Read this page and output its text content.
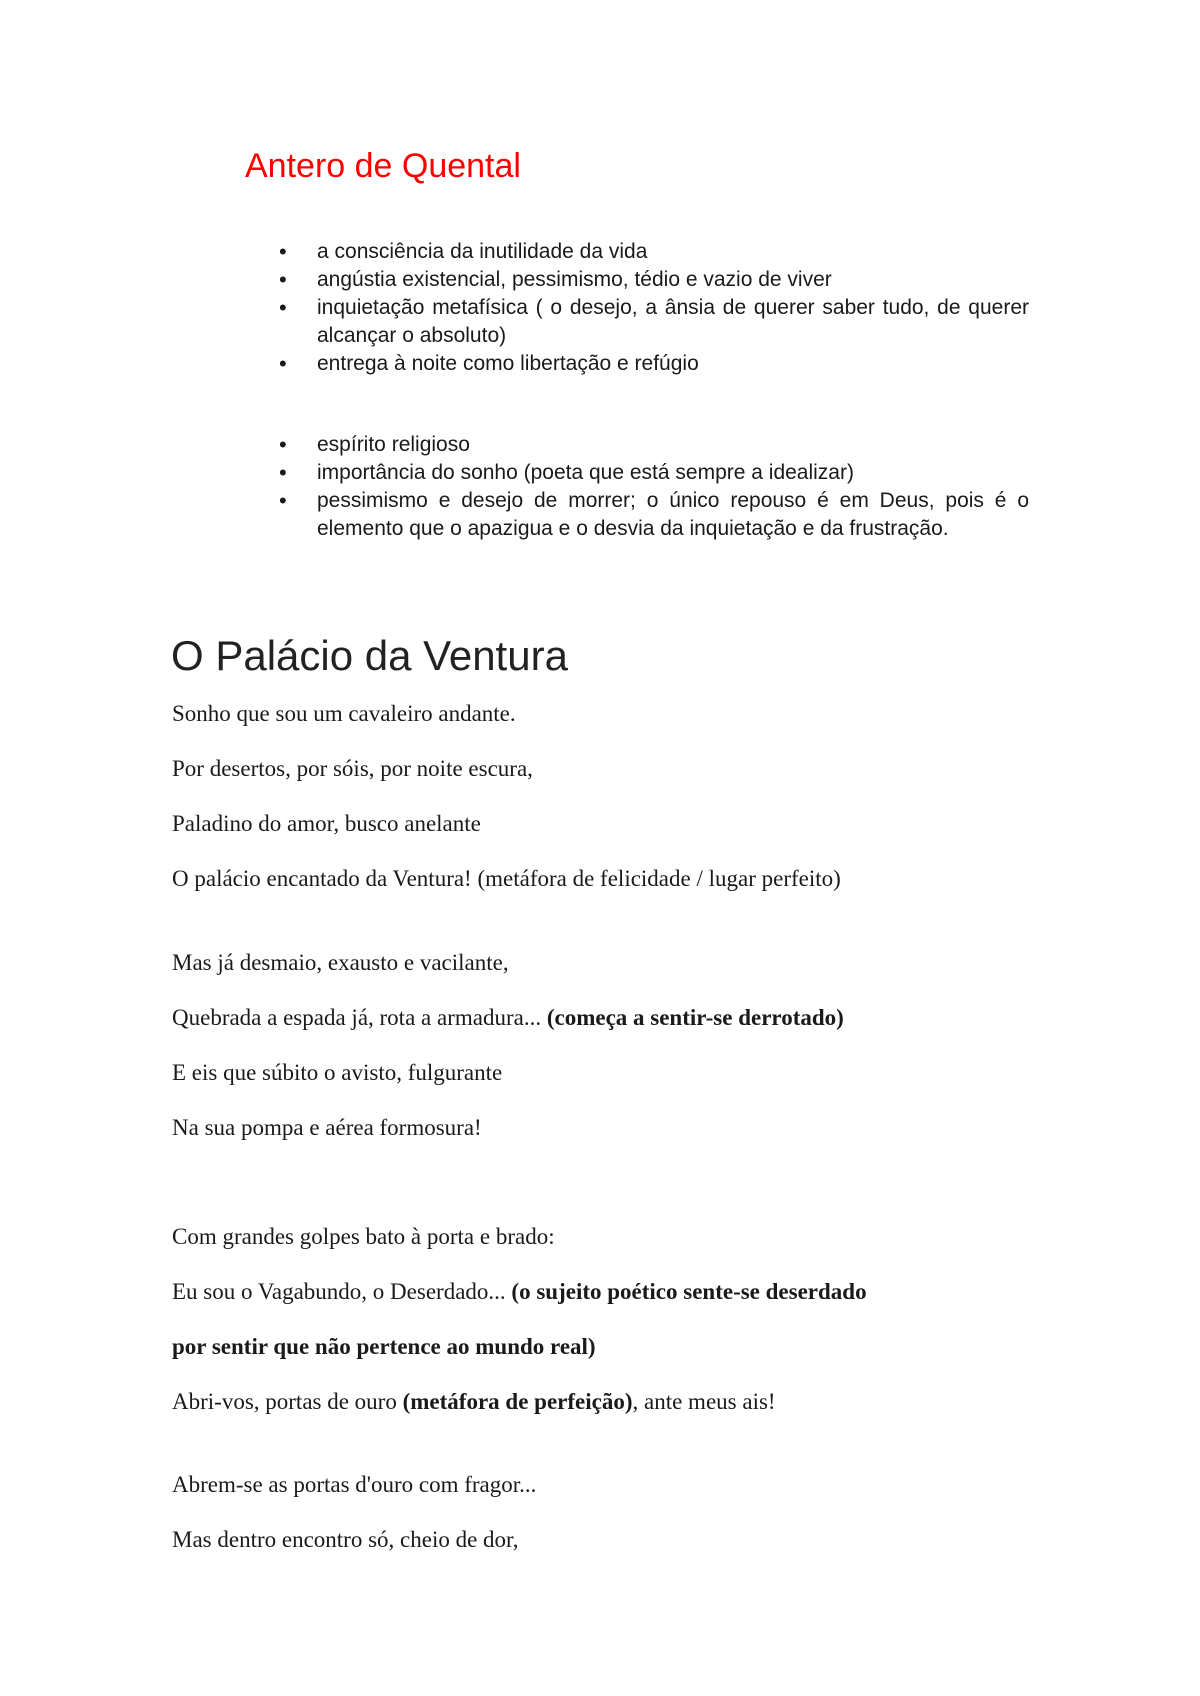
Antero de Quental
• a consciência da inutilidade da vida
• angústia existencial, pessimismo, tédio e vazio de viver
• inquietação metafísica ( o desejo, a ânsia de querer saber tudo, de querer alcançar o absoluto)
• entrega à noite como libertação e refúgio
• espírito religioso
• importância do sonho (poeta que está sempre a idealizar)
• pessimismo e desejo de morrer; o único repouso é em Deus, pois é o elemento que o apazigua e o desvia da inquietação e da frustração.
O Palácio da Ventura

Sonho que sou um cavaleiro andante.

Por desertos, por sóis, por noite escura,

Paladino do amor, busco anelante

O palácio encantado da Ventura! (metáfora de felicidade / lugar perfeito)

Mas já desmaio, exausto e vacilante,

Quebrada a espada já, rota a armadura... (começa a sentir-se derrotado)

E eis que súbito o avisto, fulgurante

Na sua pompa e aérea formosura!

Com grandes golpes bato à porta e brado:

Eu sou o Vagabundo, o Deserdado... (o sujeito poético sente-se deserdado

por sentir que não pertence ao mundo real)

Abri-vos, portas de ouro (metáfora de perfeição), ante meus ais!

Abrem-se as portas d'ouro com fragor...

Mas dentro encontro só, cheio de dor,
